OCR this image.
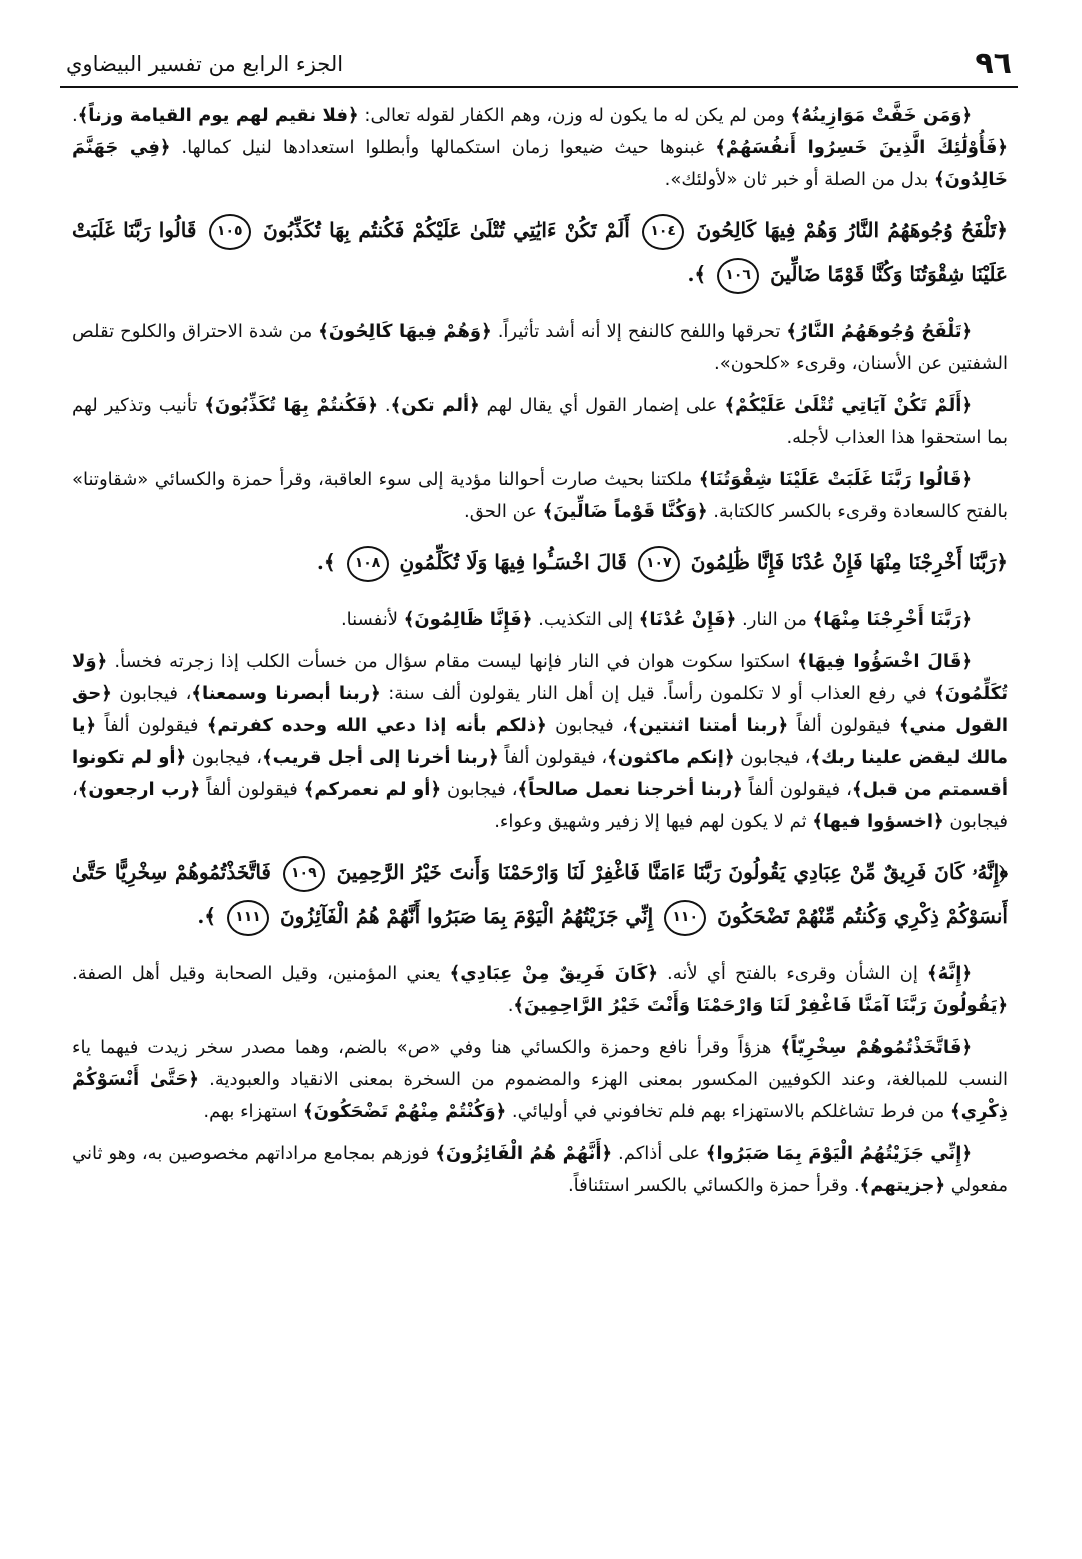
٩٦
الجزء الرابع من تفسير البيضاوي

﴿وَمَن خَفَّتْ مَوَازِينُهُ﴾ ومن لم يكن له ما يكون له وزن، وهم الكفار لقوله تعالى: ﴿فلا نقيم لهم يوم القيامة وزناً﴾. ﴿فَأُوْلَٰئِكَ الَّذِينَ خَسِرُوا أَنفُسَهُمْ﴾ غبنوها حيث ضيعوا زمان استكمالها وأبطلوا استعدادها لنيل كمالها. ﴿فِي جَهَنَّمَ خَالِدُونَ﴾ بدل من الصلة أو خبر ثان «لأولئك».

﴿تَلْفَحُ وُجُوهَهُمُ النَّارُ وَهُمْ فِيهَا كَالِحُونَ ١٠٤ أَلَمْ تَكُنْ ءَايَٰتِي تُتْلَىٰ عَلَيْكُمْ فَكُنتُم بِهَا تُكَذِّبُونَ ١٠٥ قَالُوا رَبَّنَا غَلَبَتْ عَلَيْنَا شِقْوَتُنَا وَكُنَّا قَوْمًا ضَالِّينَ ١٠٦ ﴾.

﴿تَلْفَحُ وُجُوهَهُمُ النَّارُ﴾ تحرقها واللفح كالنفح إلا أنه أشد تأثيراً. ﴿وَهُمْ فِيهَا كَالِحُونَ﴾ من شدة الاحتراق والكلوح تقلص الشفتين عن الأسنان، وقرىء «كلحون».

﴿أَلَمْ تَكُنْ آيَاتِي تُتْلَىٰ عَلَيْكُمْ﴾ على إضمار القول أي يقال لهم ﴿ألم تكن﴾. ﴿فَكُنتُمْ بِهَا تُكَذِّبُونَ﴾ تأنيب وتذكير لهم بما استحقوا هذا العذاب لأجله.

﴿قَالُوا رَبَّنَا غَلَبَتْ عَلَيْنَا شِقْوَتُنَا﴾ ملكتنا بحيث صارت أحوالنا مؤدية إلى سوء العاقبة، وقرأ حمزة والكسائي «شقاوتنا» بالفتح كالسعادة وقرىء بالكسر كالكتابة. ﴿وَكُنَّا قَوْماً ضَالِّينَ﴾ عن الحق.

﴿رَبَّنَا أَخْرِجْنَا مِنْهَا فَإِنْ عُدْنَا فَإِنَّا ظَٰلِمُونَ ١٠٧ قَالَ اخْسَـُٔوا فِيهَا وَلَا تُكَلِّمُونِ ١٠٨ ﴾.

﴿رَبَّنَا أَخْرِجْنَا مِنْهَا﴾ من النار. ﴿فَإِنْ عُدْنَا﴾ إلى التكذيب. ﴿فَإِنَّا ظَالِمُونَ﴾ لأنفسنا.

﴿قَالَ اخْسَؤُوا فِيهَا﴾ اسكتوا سكوت هوان في النار فإنها ليست مقام سؤال من خسأت الكلب إذا زجرته فخسأ. ﴿وَلا تُكَلِّمُونَ﴾ في رفع العذاب أو لا تكلمون رأساً. قيل إن أهل النار يقولون ألف سنة: ﴿ربنا أبصرنا وسمعنا﴾، فيجابون ﴿حق القول مني﴾ فيقولون ألفاً ﴿ربنا أمتنا اثنتين﴾، فيجابون ﴿ذلكم بأنه إذا دعي الله وحده كفرتم﴾ فيقولون ألفاً ﴿يا مالك ليقض علينا ربك﴾، فيجابون ﴿إنكم ماكثون﴾، فيقولون ألفاً ﴿ربنا أخرنا إلى أجل قريب﴾، فيجابون ﴿أو لم تكونوا أقسمتم من قبل﴾، فيقولون ألفاً ﴿ربنا أخرجنا نعمل صالحاً﴾، فيجابون ﴿أو لم نعمركم﴾ فيقولون ألفاً ﴿رب ارجعون﴾، فيجابون ﴿اخسؤوا فيها﴾ ثم لا يكون لهم فيها إلا زفير وشهيق وعواء.

﴿إِنَّهُۥ كَانَ فَرِيقٌ مِّنْ عِبَادِي يَقُولُونَ رَبَّنَا ءَامَنَّا فَاغْفِرْ لَنَا وَارْحَمْنَا وَأَنتَ خَيْرُ الرَّٰحِمِينَ ١٠٩ فَاتَّخَذْتُمُوهُمْ سِخْرِيًّا حَتَّىٰ أَنسَوْكُمْ ذِكْرِي وَكُنتُم مِّنْهُمْ تَضْحَكُونَ ١١٠ إِنِّي جَزَيْتُهُمُ الْيَوْمَ بِمَا صَبَرُوا أَنَّهُمْ هُمُ الْفَآئِزُونَ ١١١ ﴾.

﴿إِنَّهُ﴾ إن الشأن وقرىء بالفتح أي لأنه. ﴿كَانَ فَرِيقٌ مِنْ عِبَادِي﴾ يعني المؤمنين، وقيل الصحابة وقيل أهل الصفة. ﴿يَقُولُونَ رَبَّنَا آمَنَّا فَاغْفِرْ لَنَا وَارْحَمْنَا وَأَنْتَ خَيْرُ الرَّاحِمِينَ﴾.

﴿فَاتَّخَذْتُمُوهُمْ سِخْرِيّاً﴾ هزؤاً وقرأ نافع وحمزة والكسائي هنا وفي «ص» بالضم، وهما مصدر سخر زيدت فيهما ياء النسب للمبالغة، وعند الكوفيين المكسور بمعنى الهزء والمضموم من السخرة بمعنى الانقياد والعبودية. ﴿حَتَّىٰ أَنْسَوْكُمْ ذِكْرِي﴾ من فرط تشاغلكم بالاستهزاء بهم فلم تخافوني في أوليائي. ﴿وَكُنْتُمْ مِنْهُمْ تَضْحَكُونَ﴾ استهزاء بهم.

﴿إِنِّي جَزَيْتُهُمُ الْيَوْمَ بِمَا صَبَرُوا﴾ على أذاكم. ﴿أَنَّهُمْ هُمُ الْفَائِزُونَ﴾ فوزهم بمجامع مراداتهم مخصوصين به، وهو ثاني مفعولي ﴿جزيتهم﴾. وقرأ حمزة والكسائي بالكسر استئنافاً.
